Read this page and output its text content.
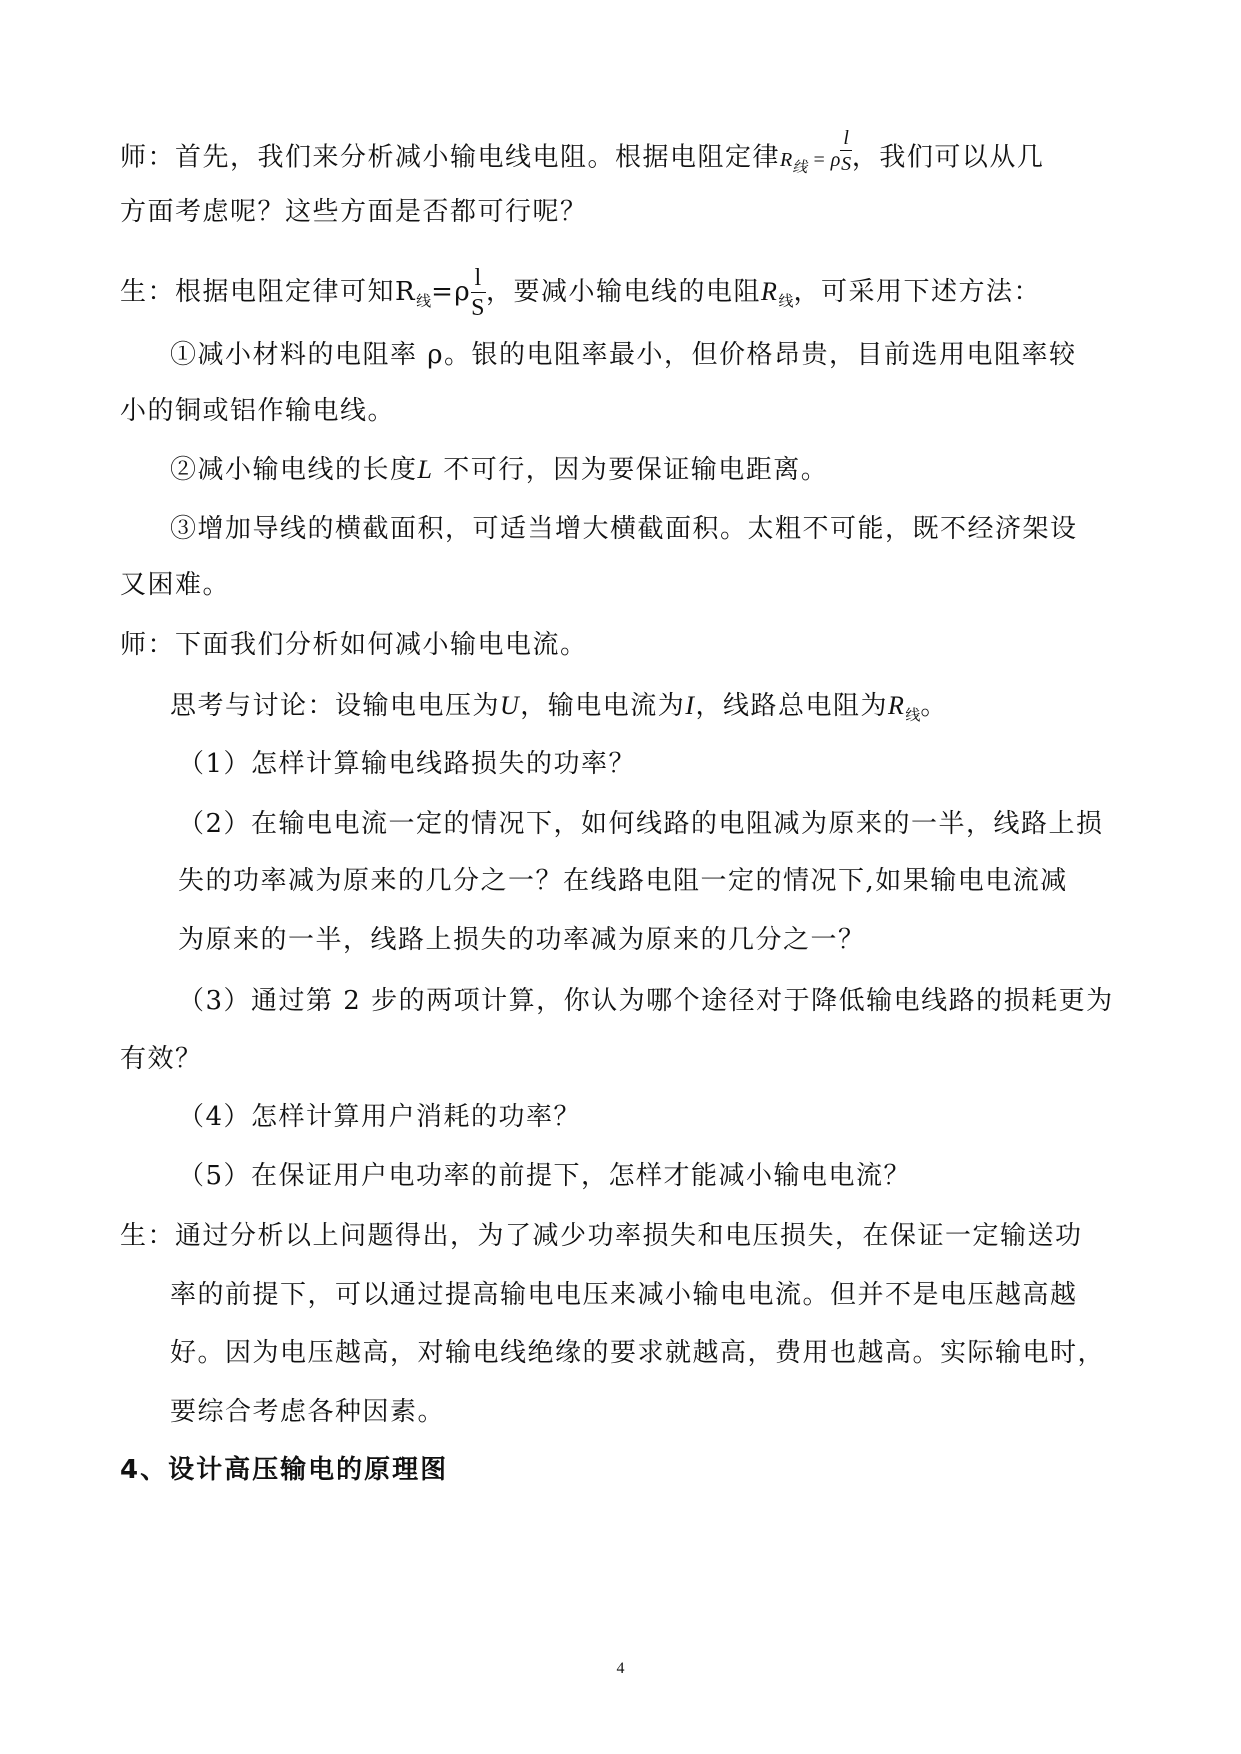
师：首先，我们来分析减小输电线电阻。根据电阻定律$R_线 = \rho \frac{l}{S}$ ，我们可以从几
方面考虑呢？这些方面是否都可行呢？
生：根据电阻定律可知$R_线=\rho \frac{l}{S}$ ，要减小输电线的电阻$R_线$，可采用下述方法：
①减小材料的电阻率 ρ。银的电阻率最小，但价格昂贵，目前选用电阻率较
小的铜或铝作输电线。
②减小输电线的长度L 不可行，因为要保证输电距离。
③增加导线的横截面积，可适当增大横截面积。太粗不可能，既不经济架设
又困难。
师：下面我们分析如何减小输电电流。
思考与讨论：设输电电压为U，输电电流为I，线路总电阻为$R_线$。
（1）怎样计算输电线路损失的功率？
（2）在输电电流一定的情况下，如何线路的电阻减为原来的一半，线路上损
失的功率减为原来的几分之一？在线路电阻一定的情况下,如果输电电流减
为原来的一半，线路上损失的功率减为原来的几分之一？
（3）通过第 2 步的两项计算，你认为哪个途径对于降低输电线路的损耗更为
有效？
（4）怎样计算用户消耗的功率？
（5）在保证用户电功率的前提下，怎样才能减小输电电流？
生：通过分析以上问题得出，为了减少功率损失和电压损失，在保证一定输送功
率的前提下，可以通过提高输电电压来减小输电电流。但并不是电压越高越
好。因为电压越高，对输电线绝缘的要求就越高，费用也越高。实际输电时，
要综合考虑各种因素。
4、设计高压输电的原理图
4
